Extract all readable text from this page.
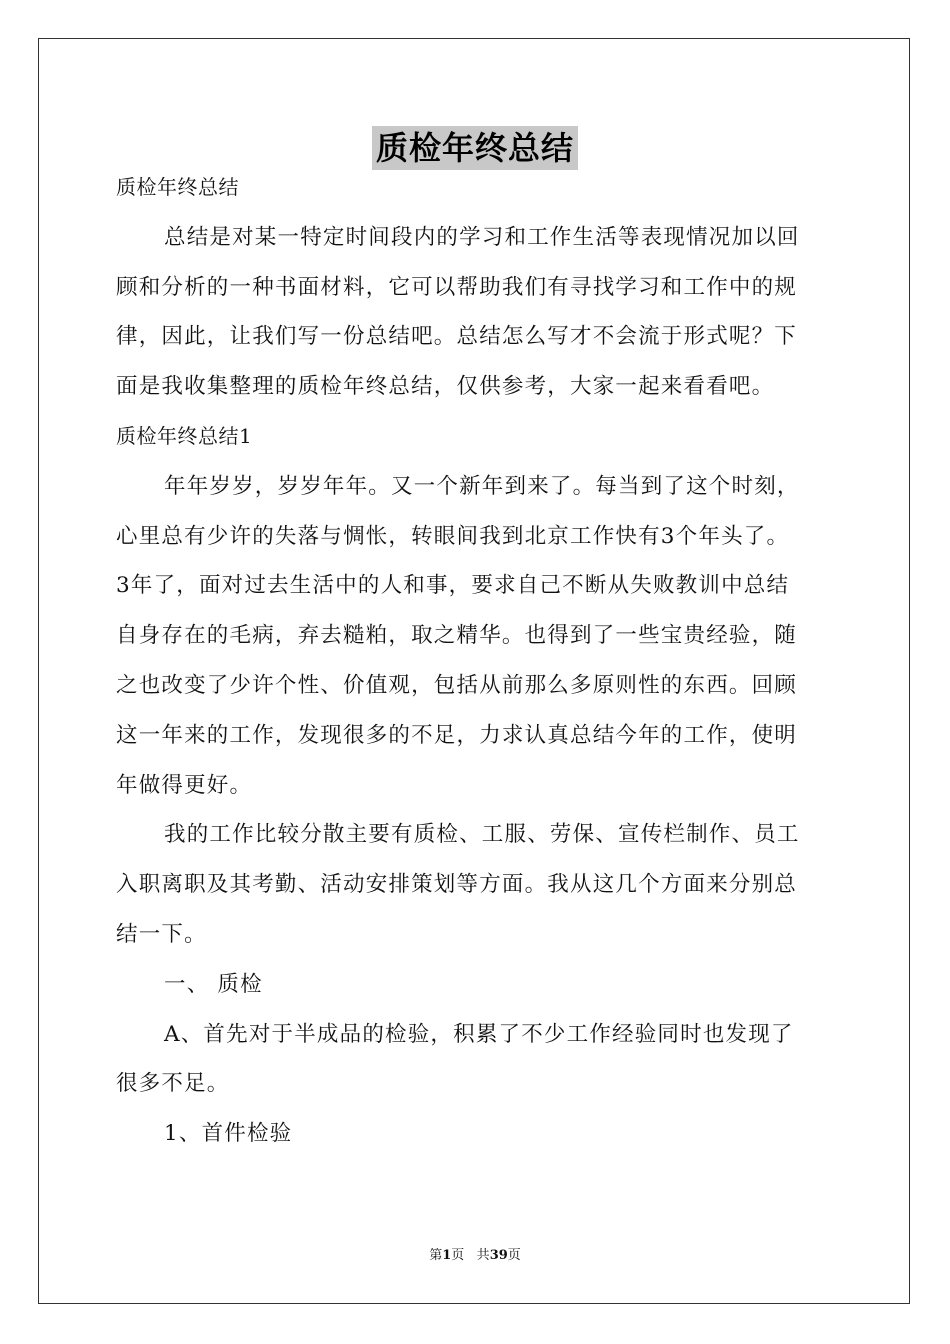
质检年终总结
质检年终总结
总结是对某一特定时间段内的学习和工作生活等表现情况加以回
顾和分析的一种书面材料，它可以帮助我们有寻找学习和工作中的规
律，因此，让我们写一份总结吧。总结怎么写才不会流于形式呢？下
面是我收集整理的质检年终总结，仅供参考，大家一起来看看吧。
质检年终总结1
年年岁岁，岁岁年年。又一个新年到来了。每当到了这个时刻，
心里总有少许的失落与惆怅，转眼间我到北京工作快有3个年头了。
3年了，面对过去生活中的人和事，要求自己不断从失败教训中总结
自身存在的毛病，弃去糙粕，取之精华。也得到了一些宝贵经验，随
之也改变了少许个性、价值观，包括从前那么多原则性的东西。回顾
这一年来的工作，发现很多的不足，力求认真总结今年的工作，使明
年做得更好。
我的工作比较分散主要有质检、工服、劳保、宣传栏制作、员工
入职离职及其考勤、活动安排策划等方面。我从这几个方面来分别总
结一下。
一、 质检
A、首先对于半成品的检验，积累了不少工作经验同时也发现了
很多不足。
1、首件检验
第1页 共39页
